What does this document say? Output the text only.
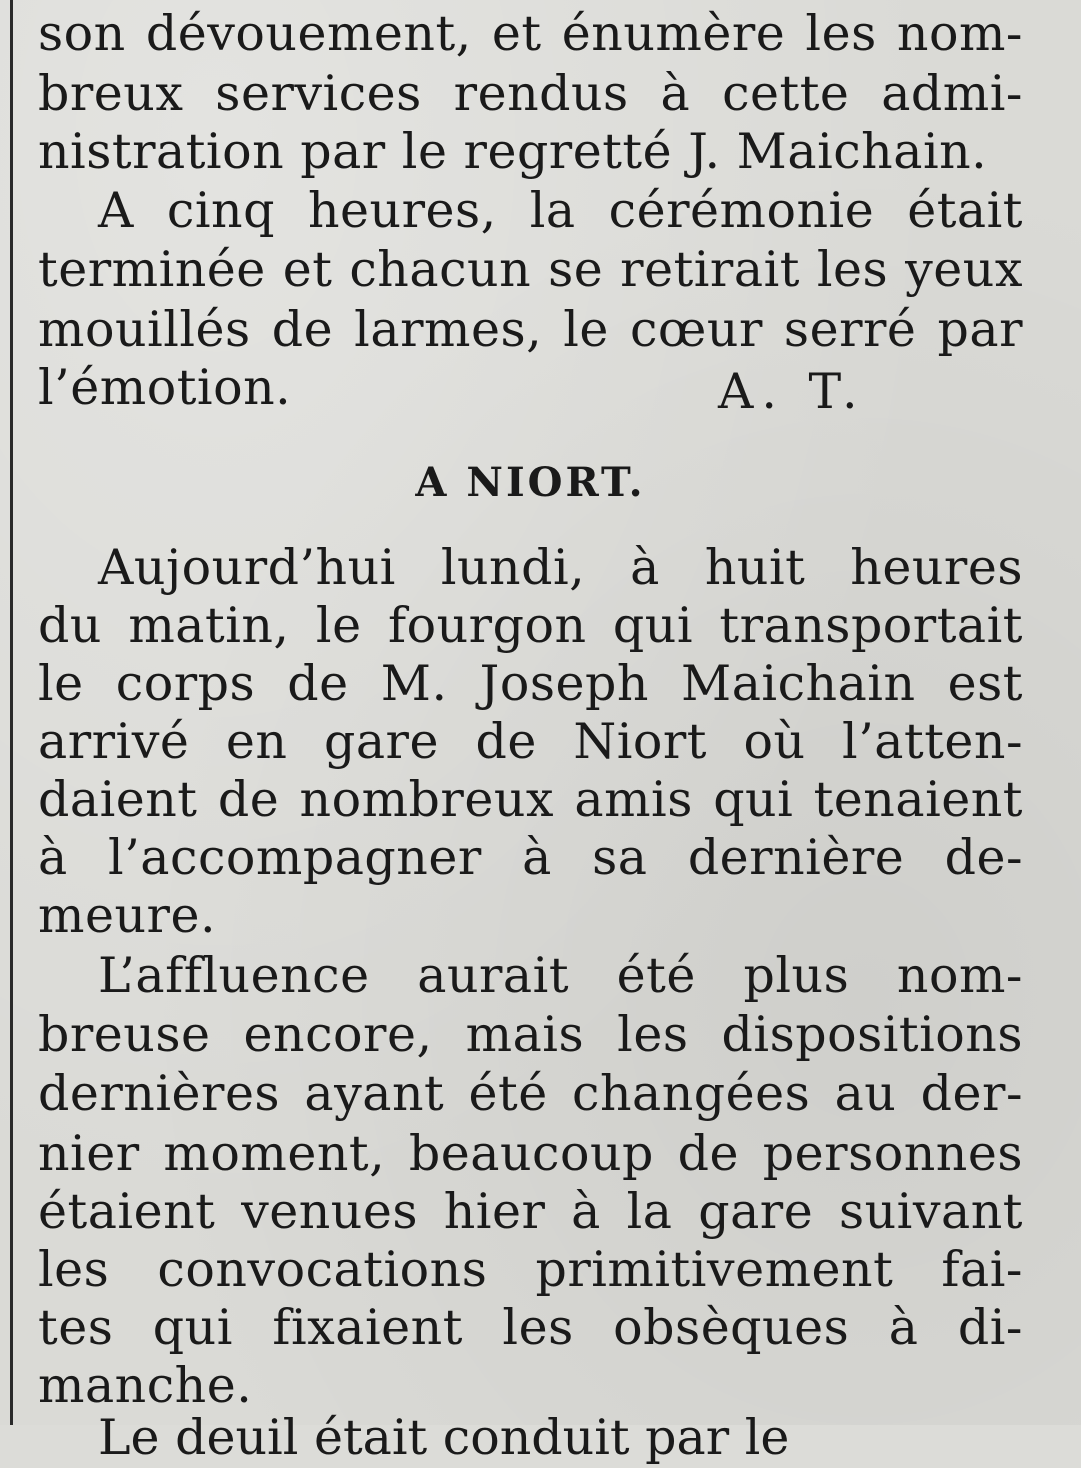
son dévouement, et énumère les nom-
breux services rendus à cette admi-
nistration par le regretté J. Maichain.
A cinq heures, la cérémonie était
terminée et chacun se retirait les yeux
mouillés de larmes, le cœur serré par
l’émotion.	A. T.
A NIORT.
Aujourd’hui lundi, à huit heures
du matin, le fourgon qui transportait
le corps de M. Joseph Maichain est
arrivé en gare de Niort où l’atten-
daient de nombreux amis qui tenaient
à l’accompagner à sa dernière de-
meure.
L’affluence aurait été plus nom-
breuse encore, mais les dispositions
dernières ayant été changées au der-
nier moment, beaucoup de personnes
étaient venues hier à la gare suivant
les convocations primitivement fai-
tes qui fixaient les obsèques à di-
manche.
Le deuil était conduit par le
